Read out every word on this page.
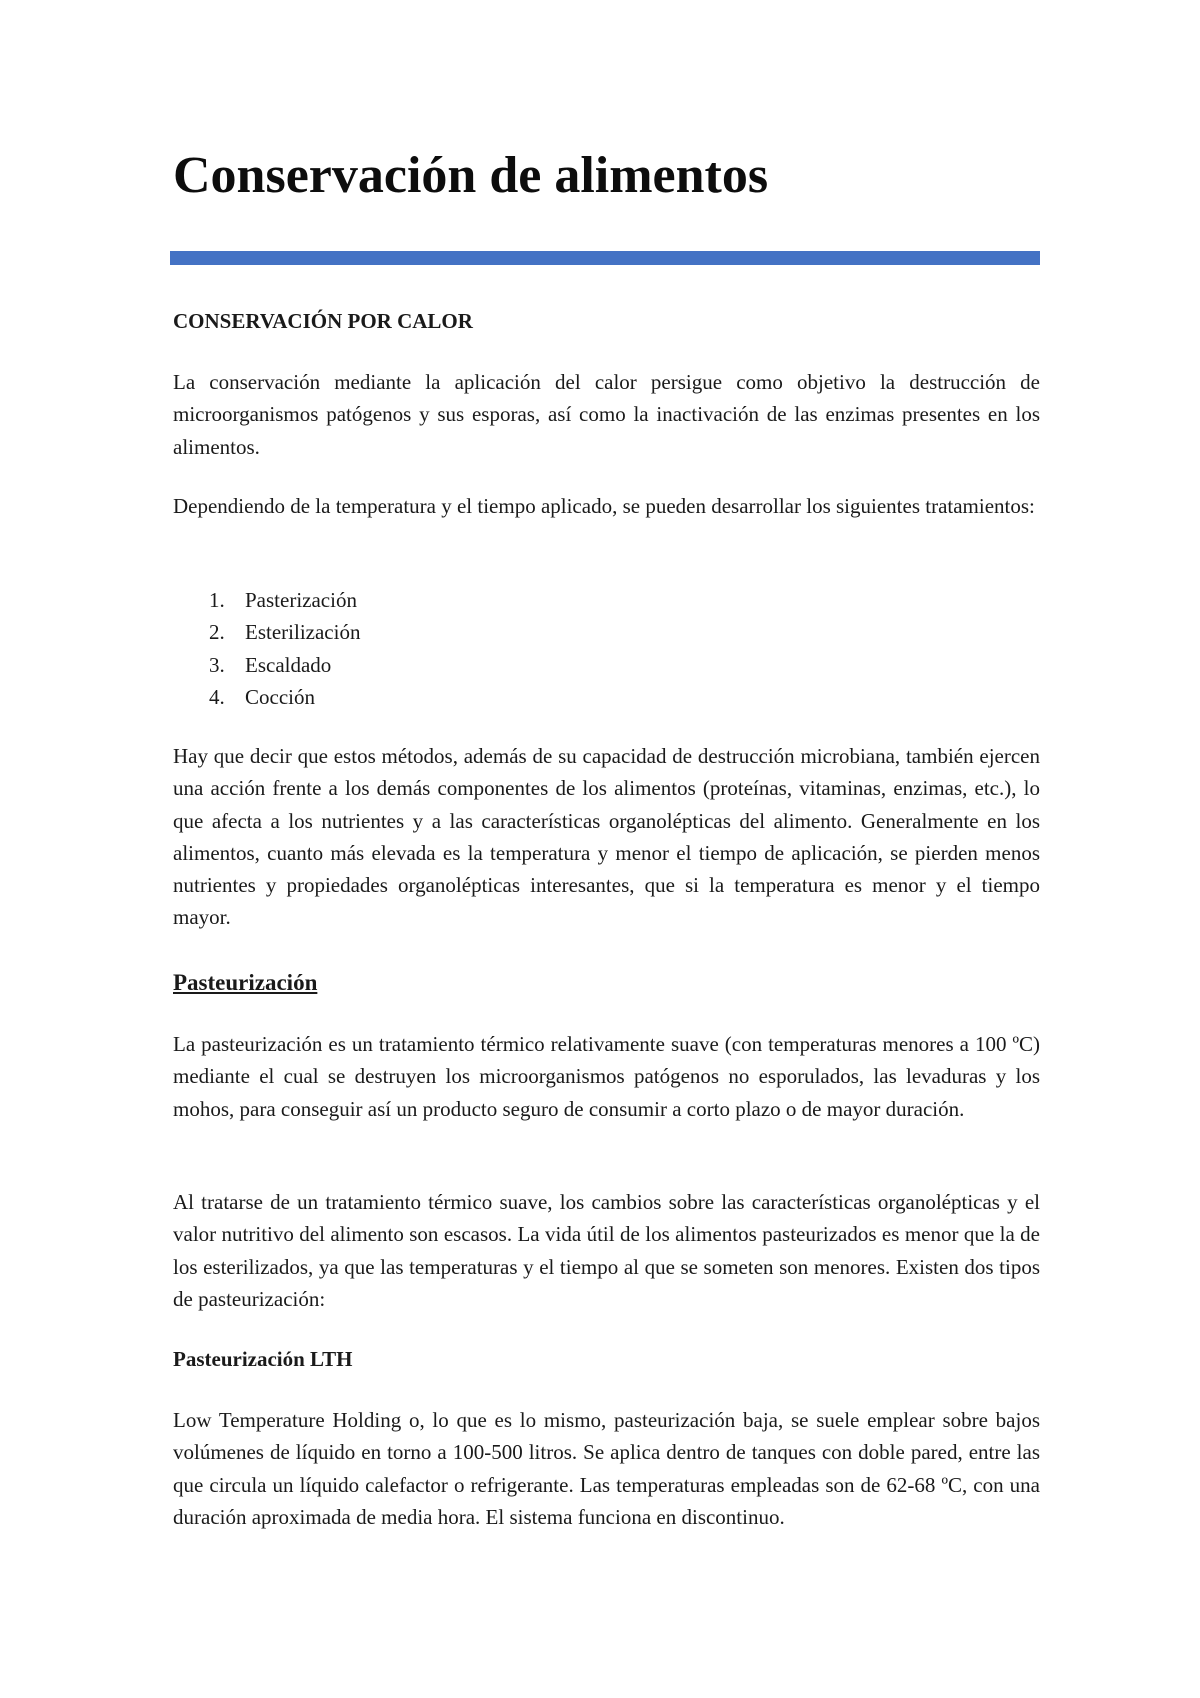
Conservación de alimentos
CONSERVACIÓN POR CALOR

La conservación mediante la aplicación del calor persigue como objetivo la destrucción de microorganismos patógenos y sus esporas, así como la inactivación de las enzimas presentes en los alimentos.

Dependiendo de la temperatura y el tiempo aplicado, se pueden desarrollar los siguientes tratamientos:

1. Pasterización
2. Esterilización
3. Escaldado
4. Cocción

Hay que decir que estos métodos, además de su capacidad de destrucción microbiana, también ejercen una acción frente a los demás componentes de los alimentos (proteínas, vitaminas, enzimas, etc.), lo que afecta a los nutrientes y a las características organolépticas del alimento. Generalmente en los alimentos, cuanto más elevada es la temperatura y menor el tiempo de aplicación, se pierden menos nutrientes y propiedades organolépticas interesantes, que si la temperatura es menor y el tiempo mayor.

Pasteurización

La pasteurización es un tratamiento térmico relativamente suave (con temperaturas menores a 100 ºC) mediante el cual se destruyen los microorganismos patógenos no esporulados, las levaduras y los mohos, para conseguir así un producto seguro de consumir a corto plazo o de mayor duración.

Al tratarse de un tratamiento térmico suave, los cambios sobre las características organolépticas y el valor nutritivo del alimento son escasos. La vida útil de los alimentos pasteurizados es menor que la de los esterilizados, ya que las temperaturas y el tiempo al que se someten son menores. Existen dos tipos de pasteurización:

Pasteurización LTH

Low Temperature Holding o, lo que es lo mismo, pasteurización baja, se suele emplear sobre bajos volúmenes de líquido en torno a 100-500 litros. Se aplica dentro de tanques con doble pared, entre las que circula un líquido calefactor o refrigerante. Las temperaturas empleadas son de 62-68 ºC, con una duración aproximada de media hora. El sistema funciona en discontinuo.
